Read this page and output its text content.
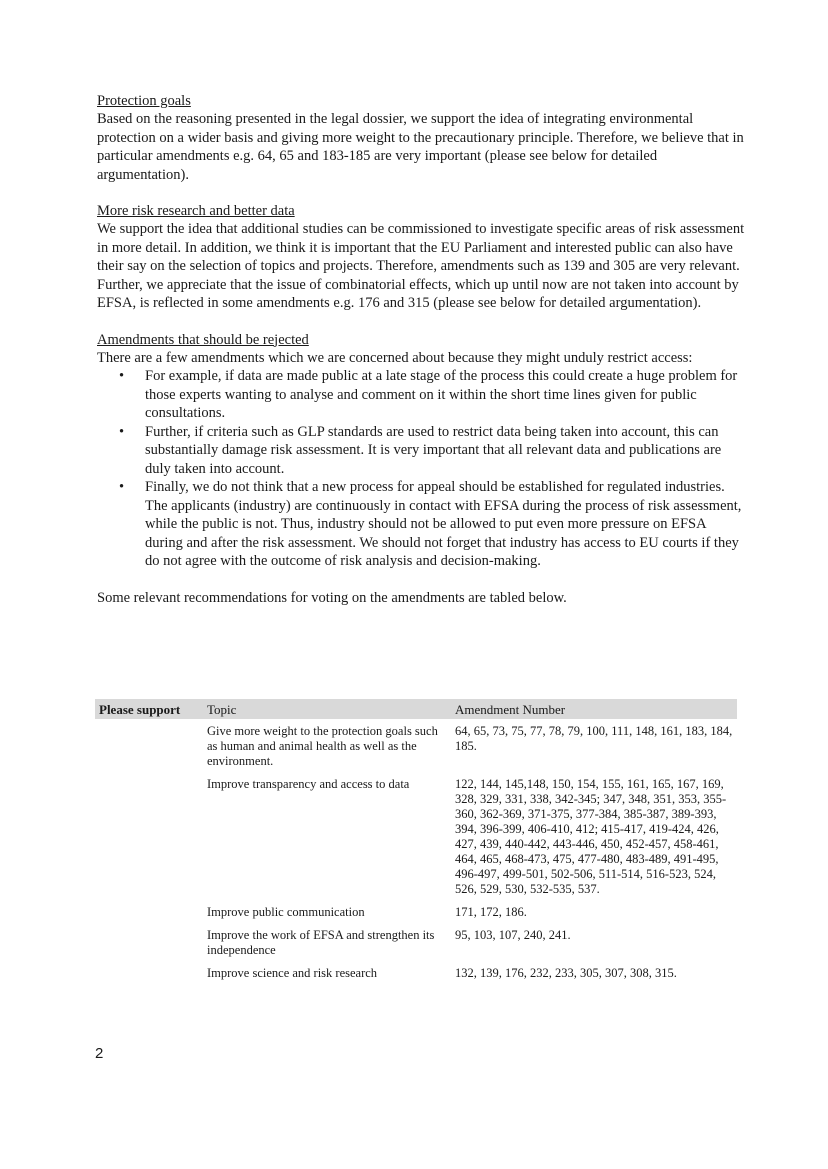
Protection goals

Based on the reasoning presented in the legal dossier, we support the idea of integrating environmental protection on a wider basis and giving more weight to the precautionary principle. Therefore, we believe that in particular amendments e.g. 64, 65 and 183-185 are very important (please see below for detailed argumentation).

More risk research and better data

We support the idea that additional studies can be commissioned to investigate specific areas of risk assessment in more detail. In addition, we think it is important that the EU Parliament and interested public can also have their say on the selection of topics and projects. Therefore, amendments such as 139 and 305 are very relevant. Further, we appreciate that the issue of combinatorial effects, which up until now are not taken into account by EFSA, is reflected in some amendments e.g. 176 and 315 (please see below for detailed argumentation).

Amendments that should be rejected

There are a few amendments which we are concerned about because they might unduly restrict access:

• For example, if data are made public at a late stage of the process this could create a huge problem for those experts wanting to analyse and comment on it within the short time lines given for public consultations.
• Further, if criteria such as GLP standards are used to restrict data being taken into account, this can substantially damage risk assessment. It is very important that all relevant data and publications are duly taken into account.
• Finally, we do not think that a new process for appeal should be established for regulated industries. The applicants (industry) are continuously in contact with EFSA during the process of risk assessment, while the public is not. Thus, industry should not be allowed to put even more pressure on EFSA during and after the risk assessment. We should not forget that industry has access to EU courts if they do not agree with the outcome of risk analysis and decision-making.

Some relevant recommendations for voting on the amendments are tabled below.

Please support	Topic	Amendment Number
	Give more weight to the protection goals such as human and animal health as well as the environment.	64, 65, 73, 75, 77, 78, 79, 100, 111, 148, 161, 183, 184, 185.
	Improve transparency and access to data	122, 144, 145,148, 150, 154, 155, 161, 165, 167, 169, 328, 329, 331, 338, 342-345; 347, 348, 351, 353, 355-360, 362-369, 371-375, 377-384, 385-387, 389-393, 394, 396-399, 406-410, 412; 415-417, 419-424, 426, 427, 439, 440-442, 443-446, 450, 452-457, 458-461, 464, 465, 468-473, 475, 477-480, 483-489, 491-495, 496-497, 499-501, 502-506, 511-514, 516-523, 524, 526, 529, 530, 532-535, 537.
	Improve public communication	171, 172, 186.
	Improve the work of EFSA and strengthen its independence	95, 103, 107, 240, 241.
	Improve science and risk research	132, 139, 176, 232, 233, 305, 307, 308, 315.
2
